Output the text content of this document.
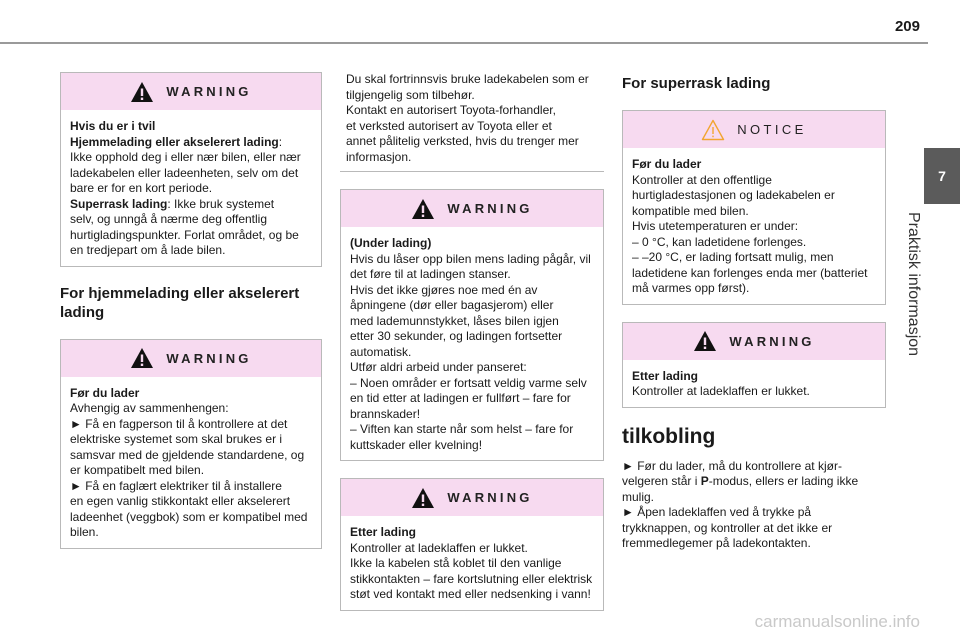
209
7
Praktisk informasjon
WARNING
Hvis du er i tvil
Hjemmelading eller akselerert lading:
Ikke opphold deg i eller nær bilen, eller nær
ladekabelen eller ladeenheten, selv om det
bare er for en kort periode.
Superrask lading: Ikke bruk systemet
selv, og unngå å nærme deg offentlig
hurtigladingspunkter. Forlat området, og be
en tredjepart om å lade bilen.
For hjemmelading eller akselerert
lading
WARNING
Før du lader
Avhengig av sammenhengen:
► Få en fagperson til å kontrollere at det
elektriske systemet som skal brukes er i
samsvar med de gjeldende standardene, og
er kompatibelt med bilen.
► Få en faglært elektriker til å installere
en egen vanlig stikkontakt eller akselerert
ladeenhet (veggbok) som er kompatibel med
bilen.
Du skal fortrinnsvis bruke ladekabelen som er
tilgjengelig som tilbehør.
Kontakt en autorisert Toyota-forhandler,
et verksted autorisert av Toyota eller et
annet pålitelig verksted, hvis du trenger mer
informasjon.
WARNING
(Under lading)
Hvis du låser opp bilen mens lading pågår, vil
det føre til at ladingen stanser.
Hvis det ikke gjøres noe med én av
åpningene (dør eller bagasjerom) eller
med lademunnstykket, låses bilen igjen
etter 30 sekunder, og ladingen fortsetter
automatisk.
Utfør aldri arbeid under panseret:
– Noen områder er fortsatt veldig varme selv
en tid etter at ladingen er fullført – fare for
brannskader!
– Viften kan starte når som helst – fare for
kuttskader eller kvelning!
WARNING
Etter lading
Kontroller at ladeklaffen er lukket.
Ikke la kabelen stå koblet til den vanlige
stikkontakten – fare kortslutning eller elektrisk
støt ved kontakt med eller nedsenking i vann!
For superrask lading
NOTICE
Før du lader
Kontroller at den offentlige
hurtigladestasjonen og ladekabelen er
kompatible med bilen.
Hvis utetemperaturen er under:
– 0 °C, kan ladetidene forlenges.
– –20 °C, er lading fortsatt mulig, men
ladetidene kan forlenges enda mer (batteriet
må varmes opp først).
WARNING
Etter lading
Kontroller at ladeklaffen er lukket.
tilkobling
► Før du lader, må du kontrollere at kjør-
velgeren står i P-modus, ellers er lading ikke
mulig.
► Åpen ladeklaffen ved å trykke på
trykknappen, og kontroller at det ikke er
fremmedlegemer på ladekontakten.
carmanualsonline.info
